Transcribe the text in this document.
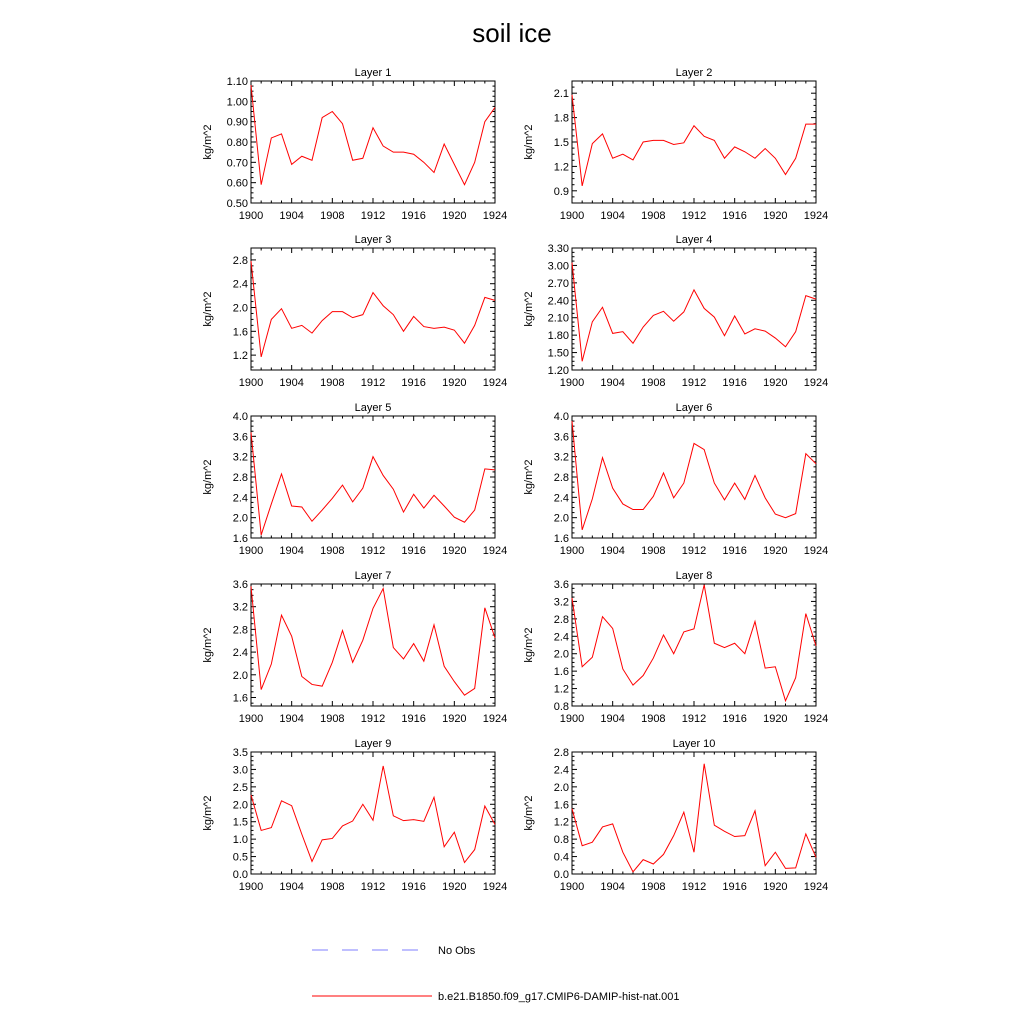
soil ice
Layer 1
1900 1904 1908 1912 1916 1920 1924
0.50
0.60
0.70
0.80
0.90
1.00
1.10
kg/m^2
Layer 2
1900 1904 1908 1912 1916 1920 1924
0.9
1.2
1.5
1.8
2.1
kg/m^2
Layer 3
1900 1904 1908 1912 1916 1920 1924
1.2
1.6
2.0
2.4
2.8
kg/m^2
Layer 4
1900 1904 1908 1912 1916 1920 1924
1.20
1.50
1.80
2.10
2.40
2.70
3.00
3.30
kg/m^2
Layer 5
1900 1904 1908 1912 1916 1920 1924
1.6
2.0
2.4
2.8
3.2
3.6
4.0
kg/m^2
Layer 6
1900 1904 1908 1912 1916 1920 1924
1.6
2.0
2.4
2.8
3.2
3.6
4.0
kg/m^2
Layer 7
1900 1904 1908 1912 1916 1920 1924
1.6
2.0
2.4
2.8
3.2
3.6
kg/m^2
Layer 8
1900 1904 1908 1912 1916 1920 1924
0.8
1.2
1.6
2.0
2.4
2.8
3.2
3.6
kg/m^2
Layer 9
1900 1904 1908 1912 1916 1920 1924
0.0
0.5
1.0
1.5
2.0
2.5
3.0
3.5
kg/m^2
Layer 10
1900 1904 1908 1912 1916 1920 1924
0.0
0.4
0.8
1.2
1.6
2.0
2.4
2.8
kg/m^2
No Obs
b.e21.B1850.f09_g17.CMIP6-DAMIP-hist-nat.001
